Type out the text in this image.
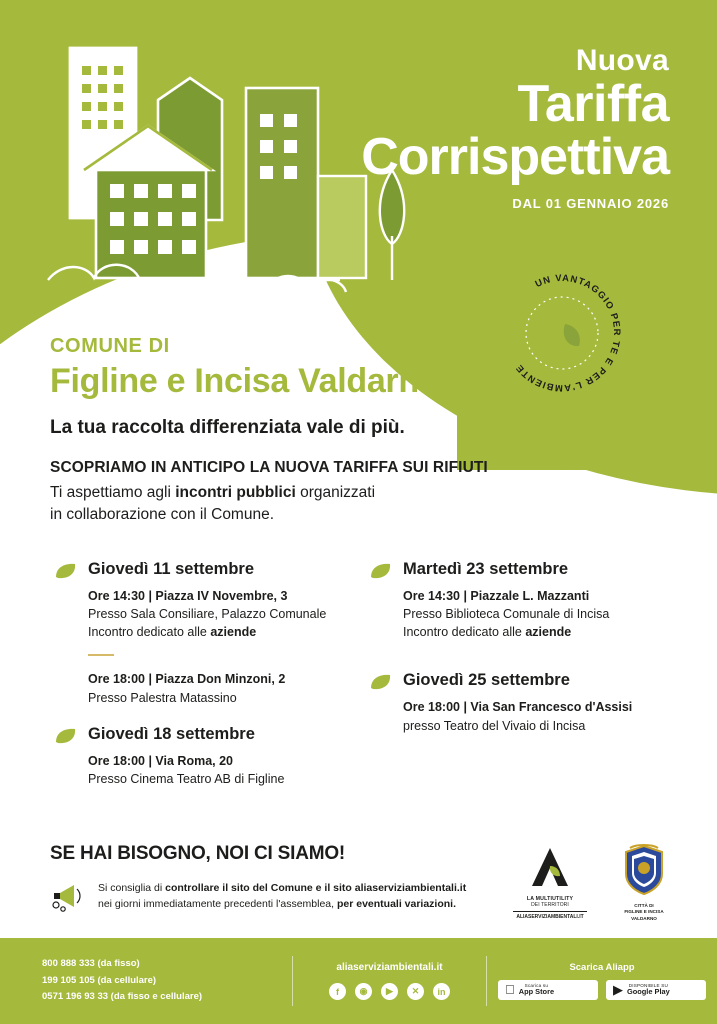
Nuova
Tariffa
Corrispettiva
DAL 01 GENNAIO 2026
UN VANTAGGIO PER TE E PER L'AMBIENTE
COMUNE DI
Figline e Incisa Valdarno
La tua raccolta differenziata vale di più.
SCOPRIAMO IN ANTICIPO LA NUOVA TARIFFA SUI RIFIUTI
Ti aspettiamo agli incontri pubblici organizzati
in collaborazione con il Comune.
Giovedì 11 settembre
Ore 14:30 | Piazza IV Novembre, 3
Presso Sala Consiliare, Palazzo Comunale
Incontro dedicato alle aziende
Ore 18:00 | Piazza Don Minzoni, 2
Presso Palestra Matassino
Giovedì 18 settembre
Ore 18:00 | Via Roma, 20
Presso Cinema Teatro AB di Figline
Martedì 23 settembre
Ore 14:30 | Piazzale L. Mazzanti
Presso Biblioteca Comunale di Incisa
Incontro dedicato alle aziende
Giovedì 25 settembre
Ore 18:00 | Via San Francesco d'Assisi
presso Teatro del Vivaio di Incisa
SE HAI BISOGNO, NOI CI SIAMO!
Si consiglia di controllare il sito del Comune e il sito aliaserviziambientali.it
nei giorni immediatamente precedenti l'assemblea, per eventuali variazioni.	LA MULTIUTILITY
DEI TERRITORI
ALIASERVIZIAMBIENTALI.IT
CITTÀ DI
FIGLINE E INCISA
VALDARNO
800 888 333 (da fisso)
199 105 105 (da cellulare)
0571 196 93 33 (da fisso e cellulare)
aliaserviziambientali.it
f	◉	▶	✕	in
Scarica Aliapp
Scarica su
App Store	▶	DISPONIBILE SU
Google Play
